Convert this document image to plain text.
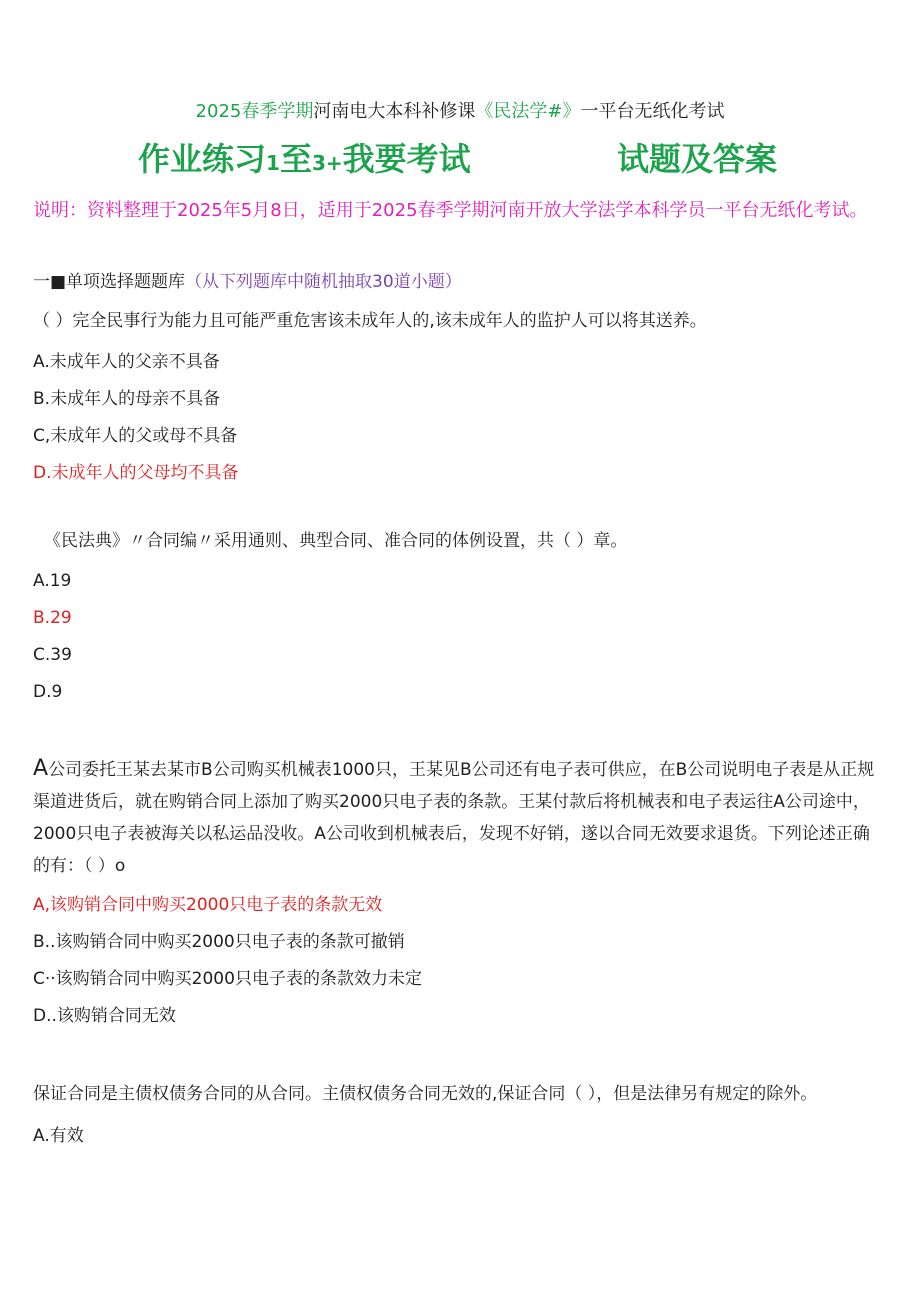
2025春季学期河南电大本科补修课《民法学#》一平台无纸化考试
作业练习1至3+我要考试	试题及答案
说明：资料整理于2025年5月8日，适用于2025春季学期河南开放大学法学本科学员一平台无纸化考试。
一■单项选择题题库（从下列题库中随机抽取30道小题）
（ ）完全民事行为能力且可能严重危害该未成年人的,该未成年人的监护人可以将其送养。
A.未成年人的父亲不具备
B.未成年人的母亲不具备
C,未成年人的父或母不具备
D.未成年人的父母均不具备
《民法典》〃合同编〃采用通则、典型合同、准合同的体例设置，共（ ）章。
A.19
B.29
C.39
D.9
A公司委托王某去某市B公司购买机械表1000只，王某见B公司还有电子表可供应，在B公司说明电子表是从正规渠道进货后，就在购销合同上添加了购买2000只电子表的条款。王某付款后将机械表和电子表运往A公司途中，2000只电子表被海关以私运品没收。A公司收到机械表后，发现不好销，遂以合同无效要求退货。下列论述正确的有：（ ）o
A,该购销合同中购买2000只电子表的条款无效
B..该购销合同中购买2000只电子表的条款可撤销
C··该购销合同中购买2000只电子表的条款效力未定
D..该购销合同无效
保证合同是主债权债务合同的从合同。主债权债务合同无效的,保证合同（ ），但是法律另有规定的除外。
A.有效
